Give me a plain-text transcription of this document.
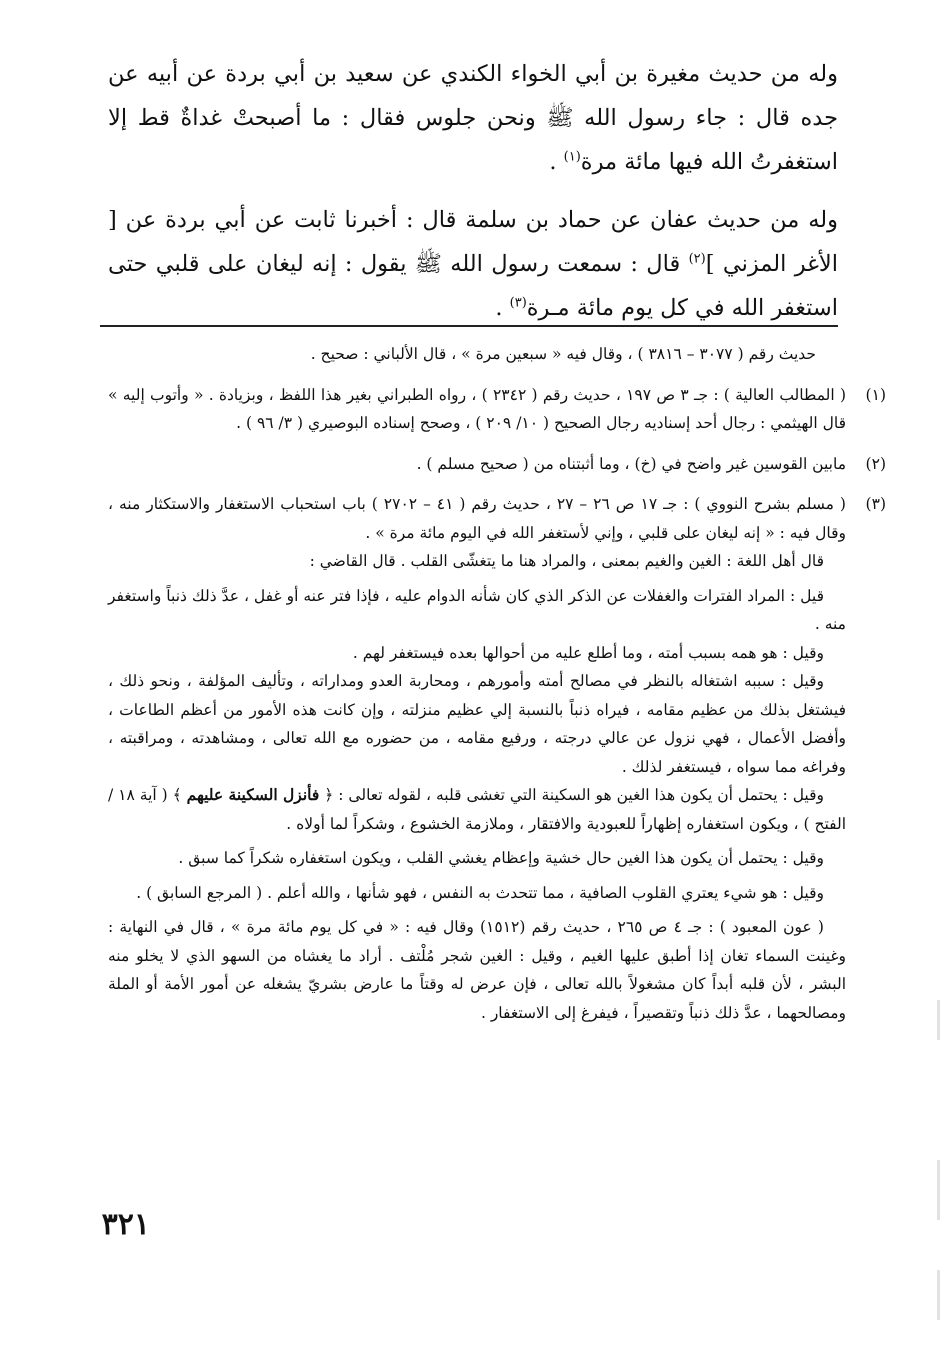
وله من حديث مغيرة بن أبي الخواء الكندي عن سعيد بن أبي بردة عن أبيه عن جده قال : جاء رسول الله ﷺ ونحن جلوس فقال : ما أصبحتْ غداةٌ قط إلا استغفرتُ الله فيها مائة مرة$^{(١)}$ .

وله من حديث عفان عن حماد بن سلمة قال : أخبرنا ثابت عن أبي بردة عن [ الأغر المزني ]$^{(٢)}$ قال : سمعت رسول الله ﷺ يقول : إنه ليغان على قلبي حتى استغفر الله في كل يوم مائة مـرة$^{(٣)}$ .

حديث رقم ( ٣٠٧٧ – ٣٨١٦ ) ، وقال فيه « سبعين مرة » ، قال الألباني : صحيح .

(١)

( المطالب العالية ) : جـ ٣ ص ١٩٧ ، حديث رقم ( ٢٣٤٢ ) ، رواه الطبراني بغير هذا اللفظ ، وبزيادة . « وأتوب إليه » قال الهيثمي : رجال أحد إسناديه رجال الصحيح ( ١٠/ ٢٠٩ ) ، وصحح إسناده البوصيري ( ٣/ ٩٦ ) .

(٢)

مابين القوسين غير واضح في (خ) ، وما أثبتناه من ( صحيح مسلم ) .

(٣)

( مسلم بشرح النووي ) : جـ ١٧ ص ٢٦ – ٢٧ ، حديث رقم ( ٤١ – ٢٧٠٢ ) باب استحباب الاستغفار والاستكثار منه ، وقال فيه : « إنه ليغان على قلبي ، وإني لأستغفر الله في اليوم مائة مرة » .

قال أهل اللغة : الغين والغيم بمعنى ، والمراد هنا ما يتغشّى القلب . قال القاضي :

قيل : المراد الفترات والغفلات عن الذكر الذي كان شأنه الدوام عليه ، فإذا فتر عنه أو غفل ، عدَّ ذلك ذنباً واستغفر منه .

وقيل : هو همه بسبب أمته ، وما أطلع عليه من أحوالها بعده فيستغفر لهم .

وقيل : سببه اشتغاله بالنظر في مصالح أمته وأمورهم ، ومحاربة العدو ومداراته ، وتأليف المؤلفة ، ونحو ذلك ، فيشتغل بذلك من عظيم مقامه ، فيراه ذنباً بالنسبة إلي عظيم منزلته ، وإن كانت هذه الأمور من أعظم الطاعات ، وأفضل الأعمال ، فهي نزول عن عالي درجته ، ورفيع مقامه ، من حضوره مع الله تعالى ، ومشاهدته ، ومراقبته ، وفراغه مما سواه ، فيستغفر لذلك .

وقيل : يحتمل أن يكون هذا الغين هو السكينة التي تغشى قلبه ، لقوله تعالى : ﴿ فأنزل السكينة عليهم ﴾ ( آية ١٨ / الفتح ) ، ويكون استغفاره إظهاراً للعبودية والافتقار ، وملازمة الخشوع ، وشكراً لما أولاه .

وقيل : يحتمل أن يكون هذا الغين حال خشية وإعظام يغشي القلب ، ويكون استغفاره شكراً كما سبق .

وقيل : هو شيء يعتري القلوب الصافية ، مما تتحدث به النفس ، فهو شأنها ، والله أعلم . ( المرجع السابق ) .

( عون المعبود ) : جـ ٤ ص ٢٦٥ ، حديث رقم (١٥١٢) وقال فيه : « في كل يوم مائة مرة » ، قال في النهاية : وغينت السماء تغان إذا أطبق عليها الغيم ، وقيل : الغين شجر مُلْتف . أراد ما يغشاه من السهو الذي لا يخلو منه البشر ، لأن قلبه أبداً كان مشغولاً بالله تعالى ، فإن عرض له وقتاً ما عارض بشريّ يشغله عن أمور الأمة أو الملة ومصالحهما ، عدَّ ذلك ذنباً وتقصيراً ، فيفرغ إلى الاستغفار .

٣٢١
